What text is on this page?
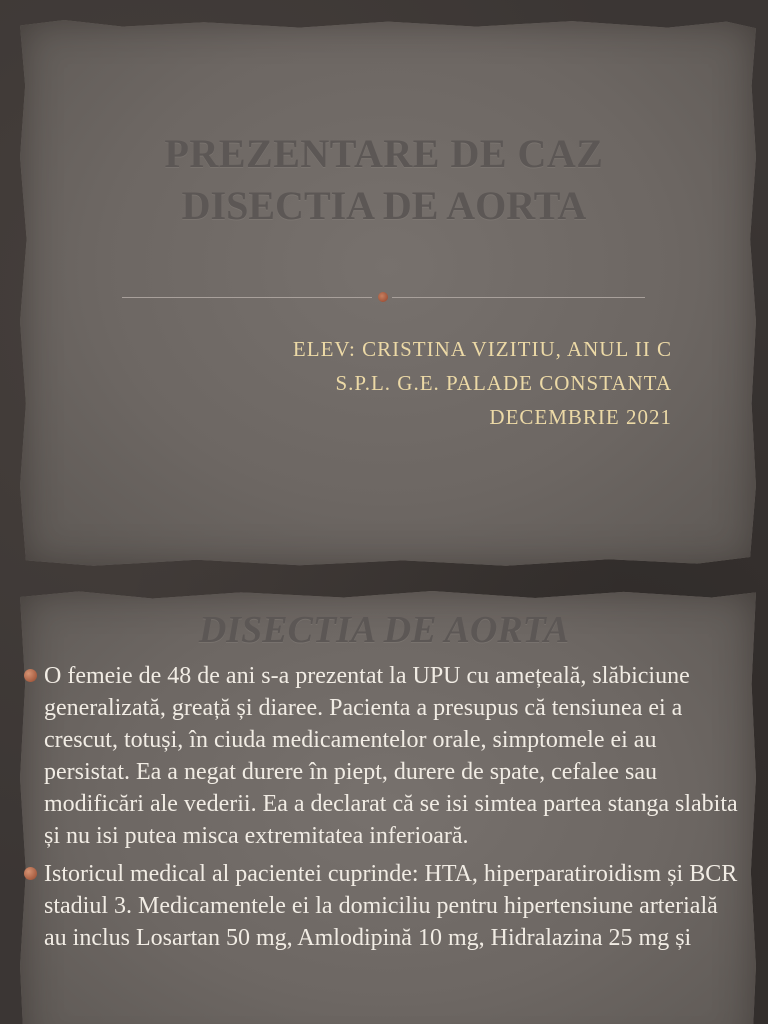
PREZENTARE DE CAZ
DISECTIA DE AORTA
ELEV: CRISTINA VIZITIU, ANUL II C
S.P.L. G.E. PALADE CONSTANTA
DECEMBRIE 2021
DISECTIA DE AORTA
O femeie de 48 de ani s-a prezentat la UPU cu amețeală, slăbiciune generalizată, greață și diaree. Pacienta a presupus că tensiunea ei a crescut, totuși, în ciuda medicamentelor orale, simptomele ei au persistat. Ea a negat durere în piept, durere de spate, cefalee sau modificări ale vederii. Ea a declarat că se isi simtea partea stanga slabita și nu isi putea misca extremitatea inferioară.
Istoricul medical al pacientei cuprinde: HTA, hiperparatiroidism și BCR stadiul 3. Medicamentele ei la domiciliu pentru hipertensiune arterială au inclus Losartan 50 mg, Amlodipină 10 mg, Hidralazina 25 mg și
